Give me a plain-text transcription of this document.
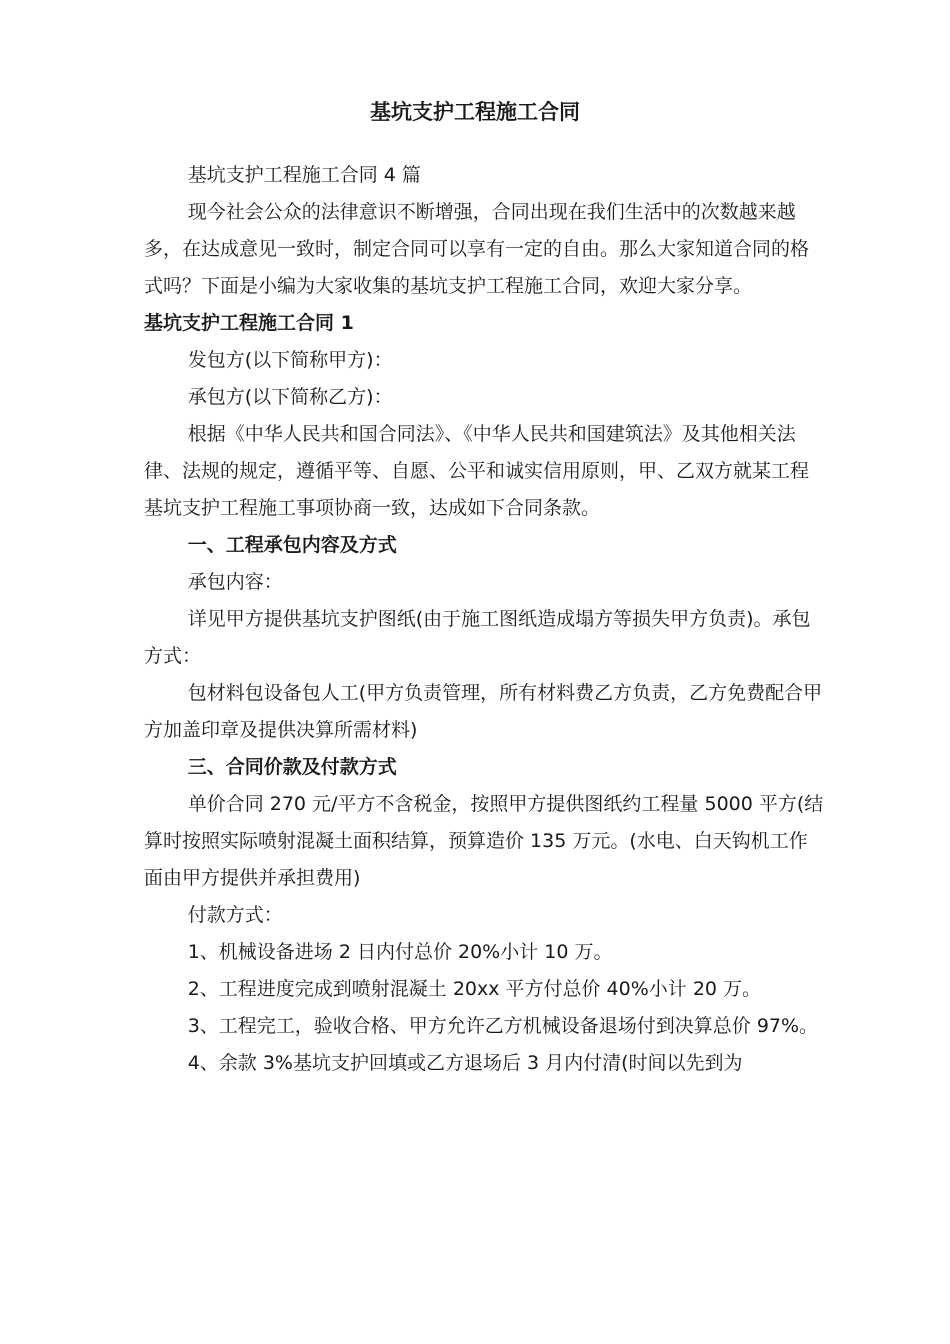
基坑支护工程施工合同

基坑支护工程施工合同 4 篇

现今社会公众的法律意识不断增强，合同出现在我们生活中的次数越来越多，在达成意见一致时，制定合同可以享有一定的自由。那么大家知道合同的格式吗？下面是小编为大家收集的基坑支护工程施工合同，欢迎大家分享。

基坑支护工程施工合同 1

发包方(以下简称甲方)：

承包方(以下简称乙方)：

根据《中华人民共和国合同法》、《中华人民共和国建筑法》及其他相关法律、法规的规定，遵循平等、自愿、公平和诚实信用原则，甲、乙双方就某工程基坑支护工程施工事项协商一致，达成如下合同条款。

一、工程承包内容及方式

承包内容：

详见甲方提供基坑支护图纸(由于施工图纸造成塌方等损失甲方负责)。承包方式：

包材料包设备包人工(甲方负责管理，所有材料费乙方负责，乙方免费配合甲方加盖印章及提供决算所需材料)

三、合同价款及付款方式

单价合同 270 元/平方不含税金，按照甲方提供图纸约工程量 5000 平方(结算时按照实际喷射混凝土面积结算，预算造价 135 万元。(水电、白天钩机工作面由甲方提供并承担费用)

付款方式：

1、机械设备进场 2 日内付总价 20%小计 10 万。

2、工程进度完成到喷射混凝土 20xx 平方付总价 40%小计 20 万。

3、工程完工，验收合格、甲方允许乙方机械设备退场付到决算总价 97%。

4、余款 3%基坑支护回填或乙方退场后 3 月内付清(时间以先到为
